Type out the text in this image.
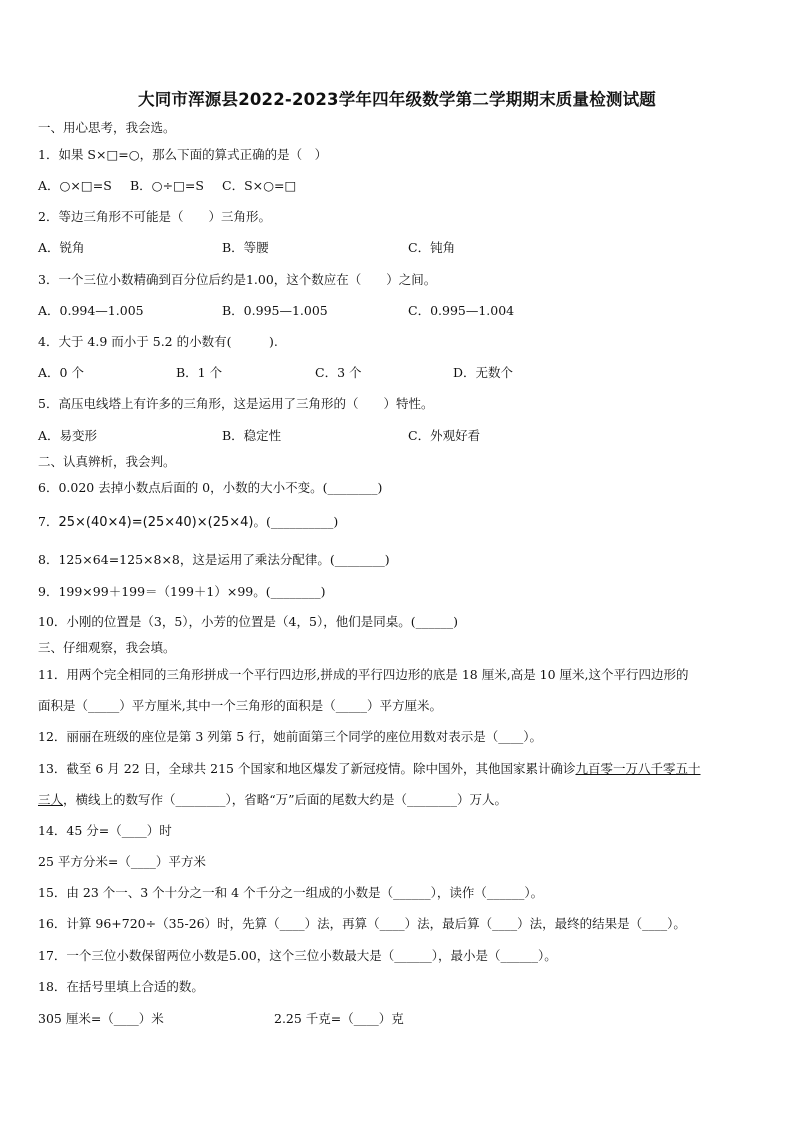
大同市浑源县2022-2023学年四年级数学第二学期期末质量检测试题
一、用心思考，我会选。
1．如果 S×□=○，那么下面的算式正确的是（　）
A．○×□=S B．○÷□=S C．S×○=□
2．等边三角形不可能是（　　）三角形。
A．锐角	B．等腰	C．钝角
3．一个三位小数精确到百分位后约是1.00，这个数应在（　　）之间。
A．0.994—1.005	B．0.995—1.005	C．0.995—1.004
4．大于 4.9 而小于 5.2 的小数有(　　　).
A．0 个	B．1 个	C．3 个	D．无数个
5．高压电线塔上有许多的三角形，这是运用了三角形的（　　）特性。
A．易变形	B．稳定性	C．外观好看
二、认真辨析，我会判。
6．0.020 去掉小数点后面的 0，小数的大小不变。(________)
7．25×(40×4)=(25×40)×(25×4)。(__________)
8．125×64=125×8×8，这是运用了乘法分配律。(________)
9．199×99＋199＝（199＋1）×99。(________)
10．小刚的位置是（3，5），小芳的位置是（4，5），他们是同桌。(______)
三、仔细观察，我会填。
11．用两个完全相同的三角形拼成一个平行四边形,拼成的平行四边形的底是 18 厘米,高是 10 厘米,这个平行四边形的
面积是（_____）平方厘米,其中一个三角形的面积是（_____）平方厘米。
12．丽丽在班级的座位是第 3 列第 5 行，她前面第三个同学的座位用数对表示是（____）。
13．截至 6 月 22 日，全球共 215 个国家和地区爆发了新冠疫情。除中国外，其他国家累计确诊九百零一万八千零五十
三人，横线上的数写作（________），省略“万”后面的尾数大约是（________）万人。
14．45 分=（____）时
25 平方分米=（____）平方米
15．由 23 个一、3 个十分之一和 4 个千分之一组成的小数是（______），读作（______）。
16．计算 96+720÷（35-26）时，先算（____）法，再算（____）法，最后算（____）法，最终的结果是（____）。
17．一个三位小数保留两位小数是5.00，这个三位小数最大是（______），最小是（______）。
18．在括号里填上合适的数。
305 厘米=（____）米	2.25 千克=（____）克
